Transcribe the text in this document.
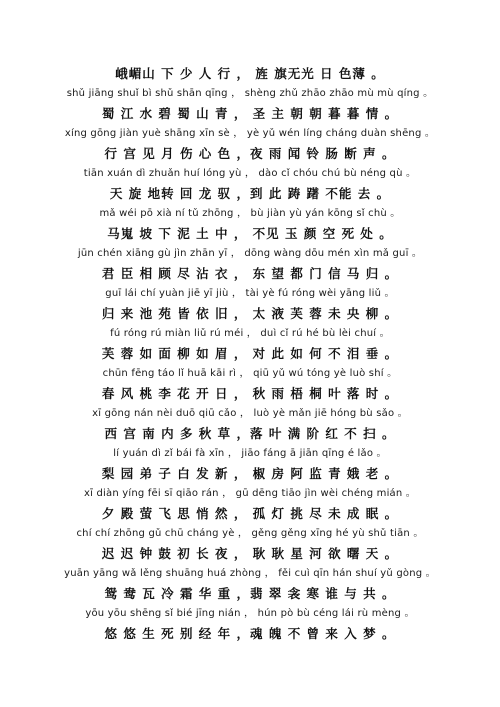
峨嵋山 下 少 人 行 ， 旌 旗无光 日 色薄 。
shǔ jiāng shuǐ bì shǔ shān qīng ， shèng zhǔ zhāo zhāo mù mù qíng 。
蜀 江 水 碧 蜀 山 青 ， 圣 主 朝 朝 暮 暮 情 。
xíng gōng jiàn yuè shāng xīn sè ， yè yǔ wén líng cháng duàn shēng 。
行 宫 见 月 伤 心 色 ，夜 雨 闻 铃 肠 断 声 。
tiān xuán dì zhuǎn huí lóng yù ， dào cǐ chóu chú bù néng qù 。
天 旋 地转 回 龙 驭 ，到 此 踌 躇 不能 去 。
mǎ wéi pō xià ní tǔ zhōng ， bù jiàn yù yán kōng sǐ chù 。
马嵬 坡 下 泥 土 中 ， 不见 玉 颜 空 死 处 。
jūn chén xiāng gù jìn zhān yī ， dōng wàng dōu mén xìn mǎ guī 。
君 臣 相 顾 尽 沾 衣 ， 东 望 都 门 信 马 归 。
guī lái chí yuàn jiē yī jiù ， tài yè fú róng wèi yāng liǔ 。
归 来 池 苑 皆 依 旧 ， 太 液 芙 蓉 未 央 柳 。
fú róng rú miàn liǔ rú méi ， duì cǐ rú hé bù lèi chuí 。
芙 蓉 如 面 柳 如 眉 ， 对 此 如 何 不 泪 垂 。
chūn fēng táo lǐ huā kāi rì ， qiū yǔ wú tóng yè luò shí 。
春 风 桃 李 花 开 日 ， 秋 雨 梧 桐 叶 落 时 。
xī gōng nán nèi duō qiū cǎo ， luò yè mǎn jiē hóng bù sǎo 。
西 宫 南 内 多 秋 草 ，落 叶 满 阶 红 不 扫 。
lí yuán dì zǐ bái fà xīn ， jiāo fáng ā jiān qīng é lǎo 。
梨 园 弟 子 白 发 新 ， 椒 房 阿 监 青 娥 老 。
xī diàn yíng fēi sī qiāo rán ， gū dēng tiāo jìn wèi chéng mián 。
夕 殿 萤 飞 思 悄 然 ， 孤 灯 挑 尽 未 成 眠 。
chí chí zhōng gǔ chū cháng yè ， gěng gěng xīng hé yù shǔ tiān 。
迟 迟 钟 鼓 初 长 夜 ， 耿 耿 星 河 欲 曙 天 。
yuān yāng wǎ lěng shuāng huá zhòng ， fěi cuì qīn hán shuí yǔ gòng 。
鸳 鸯 瓦 冷 霜 华 重 ，翡 翠 衾 寒 谁 与 共 。
yōu yōu shēng sǐ bié jīng nián ， hún pò bù céng lái rù mèng 。
悠 悠 生 死 别 经 年 ，魂 魄 不 曾 来 入 梦 。
